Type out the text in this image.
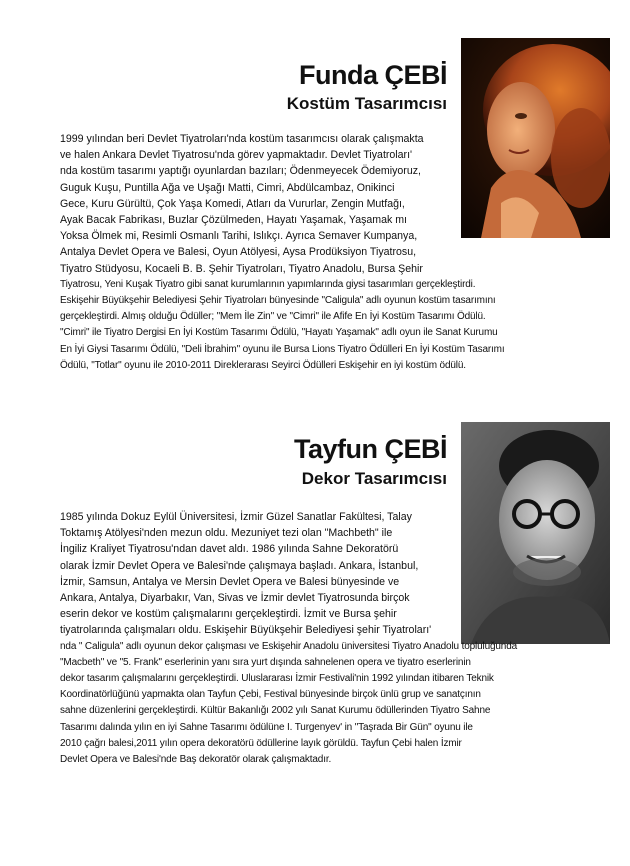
Funda ÇEBİ
Kostüm Tasarımcısı
1999 yılından beri Devlet Tiyatroları'nda kostüm tasarımcısı olarak çalışmakta
ve halen Ankara Devlet Tiyatrosu'nda görev yapmaktadır. Devlet Tiyatroları'
nda kostüm tasarımı yaptığı oyunlardan bazıları; Ödenmeyecek Ödemiyoruz,
Guguk Kuşu, Puntilla Ağa ve Uşağı Matti, Cimri, Abdülcambaz, Onikinci
Gece, Kuru Gürültü, Çok Yaşa Komedi, Atları da Vururlar, Zengin Mutfağı,
Ayak Bacak Fabrikası, Buzlar Çözülmeden, Hayatı Yaşamak, Yaşamak mı
Yoksa Ölmek mi, Resimli Osmanlı Tarihi, Islıkçı. Ayrıca Semaver Kumpanya,
Antalya Devlet Opera ve Balesi, Oyun Atölyesi, Aysa Prodüksiyon Tiyatrosu,
Tiyatro Stüdyosu, Kocaeli B. B. Şehir Tiyatroları, Tiyatro Anadolu, Bursa Şehir
Tiyatrosu, Yeni Kuşak Tiyatro gibi sanat kurumlarının yapımlarında giysi tasarımları gerçekleştirdi.
Eskişehir Büyükşehir Belediyesi Şehir Tiyatroları bünyesinde "Caligula" adlı oyunun kostüm tasarımını
gerçekleştirdi. Almış olduğu Ödüller; "Mem İle Zin" ve "Cimri" ile Afife En İyi Kostüm Tasarımı Ödülü.
"Cimri" ile Tiyatro Dergisi En İyi Kostüm Tasarımı Ödülü, "Hayatı Yaşamak" adlı oyun ile Sanat Kurumu
En İyi Giysi Tasarımı Ödülü, "Deli İbrahim" oyunu ile Bursa Lions Tiyatro Ödülleri En İyi Kostüm Tasarımı
Ödülü, "Totlar" oyunu ile 2010-2011 Direklerarası Seyirci Ödülleri Eskişehir en iyi kostüm ödülü.
Tayfun ÇEBİ
Dekor Tasarımcısı
1985 yılında Dokuz Eylül Üniversitesi, İzmir Güzel Sanatlar Fakültesi, Talay
Toktamış Atölyesi'nden mezun oldu. Mezuniyet tezi olan "Machbeth" ile
İngiliz Kraliyet Tiyatrosu'ndan davet aldı. 1986 yılında Sahne Dekoratörü
olarak İzmir Devlet Opera ve Balesi'nde çalışmaya başladı. Ankara, İstanbul,
İzmir, Samsun, Antalya ve Mersin Devlet Opera ve Balesi bünyesinde ve
Ankara, Antalya, Diyarbakır, Van, Sivas ve İzmir devlet Tiyatrosunda birçok
eserin dekor ve kostüm çalışmalarını gerçekleştirdi. İzmit ve Bursa şehir
tiyatrolarında çalışmaları oldu. Eskişehir Büyükşehir Belediyesi şehir Tiyatroları'
nda " Caligula" adlı oyunun dekor çalışması ve Eskişehir Anadolu üniversitesi Tiyatro Anadolu topluluğunda
"Macbeth" ve "5. Frank" eserlerinin yanı sıra yurt dışında sahnelenen opera ve tiyatro eserlerinin
dekor tasarım çalışmalarını gerçekleştirdi. Uluslararası İzmir Festivali'nin 1992 yılından itibaren Teknik
Koordinatörlüğünü yapmakta olan Tayfun Çebi, Festival bünyesinde birçok ünlü grup ve sanatçının
sahne düzenlerini gerçekleştirdi. Kültür Bakanlığı 2002 yılı Sanat Kurumu ödüllerinden Tiyatro Sahne
Tasarımı dalında yılın en iyi Sahne Tasarımı ödülüne I. Turgenyev' in "Taşrada Bir Gün" oyunu ile
2010 çağrı balesi,2011 yılın opera dekoratörü ödüllerine layık görüldü. Tayfun Çebi halen İzmir
Devlet Opera ve Balesi'nde Baş dekoratör olarak çalışmaktadır.
